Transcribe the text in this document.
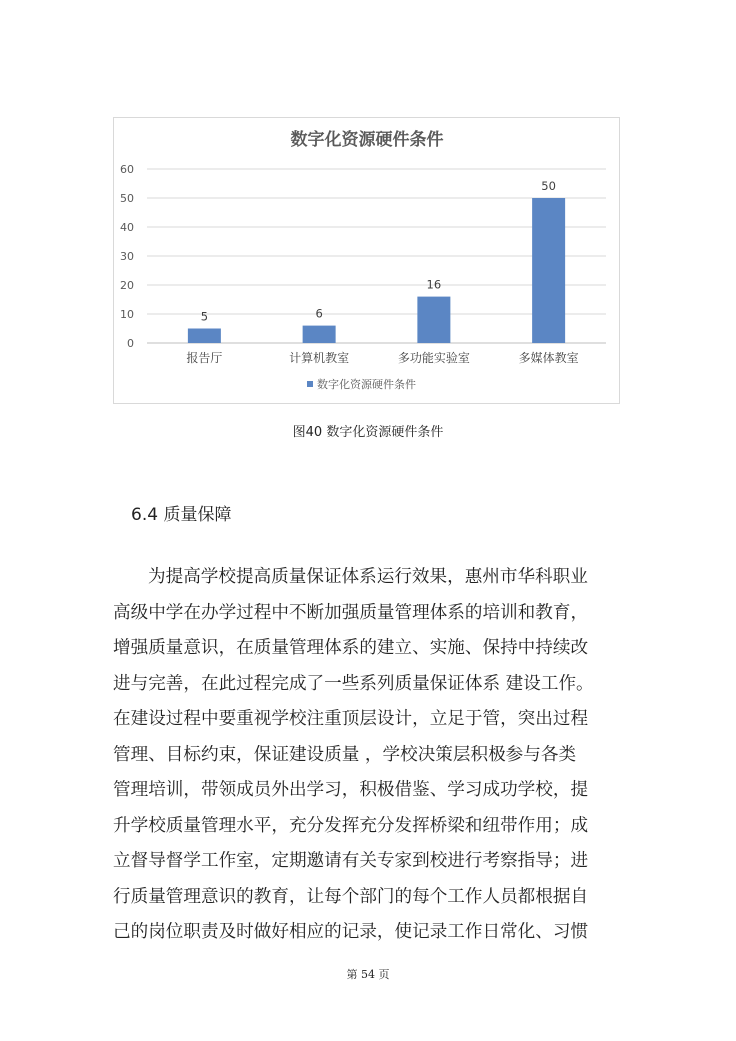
数字化资源硬件条件
0
10
20
30
40
50
60
5
报告厅
6
计算机教室
16
多功能实验室
50
多媒体教室
数字化资源硬件条件
图40 数字化资源硬件条件
6.4 质量保障
为提高学校提高质量保证体系运行效果，惠州市华科职业
高级中学在办学过程中不断加强质量管理体系的培训和教育，
增强质量意识，在质量管理体系的建立、实施、保持中持续改
进与完善，在此过程完成了一些系列质量保证体系 建设工作。
在建设过程中要重视学校注重顶层设计，立足于管，突出过程
管理、目标约束，保证建设质量 ，学校决策层积极参与各类
管理培训，带领成员外出学习，积极借鉴、学习成功学校，提
升学校质量管理水平，充分发挥充分发挥桥梁和纽带作用；成
立督导督学工作室，定期邀请有关专家到校进行考察指导；进
行质量管理意识的教育，让每个部门的每个工作人员都根据自
己的岗位职责及时做好相应的记录，使记录工作日常化、习惯
第 54 页
